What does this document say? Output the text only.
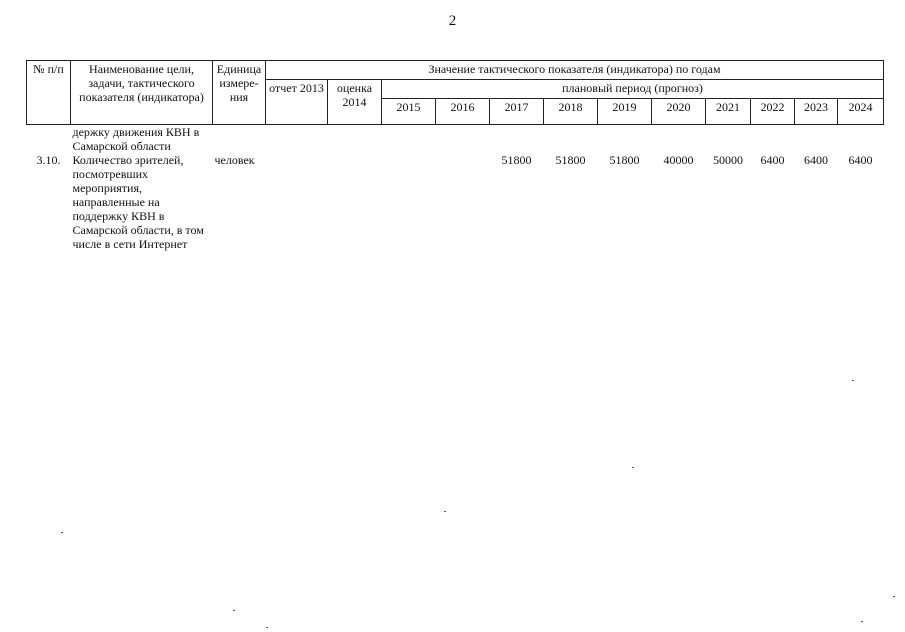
2
№ п/п	Наименование цели, задачи, тактического показателя (индикатора)	Единица измере-ния	Значение тактического показателя (индикатора) по годам											
			отчет 2013	оценка 2014	плановый период (прогноз)									
					2015	2016	2017	2018	2019	2020	2021	2022	2023	2024
	держку движения КВН в Самарской области													
3.10.	Количество зрителей, посмотревших мероприятия, направленные на поддержку КВН в Самарской области, в том числе в сети Интернет	человек					51800	51800	51800	40000	50000	6400	6400	6400
